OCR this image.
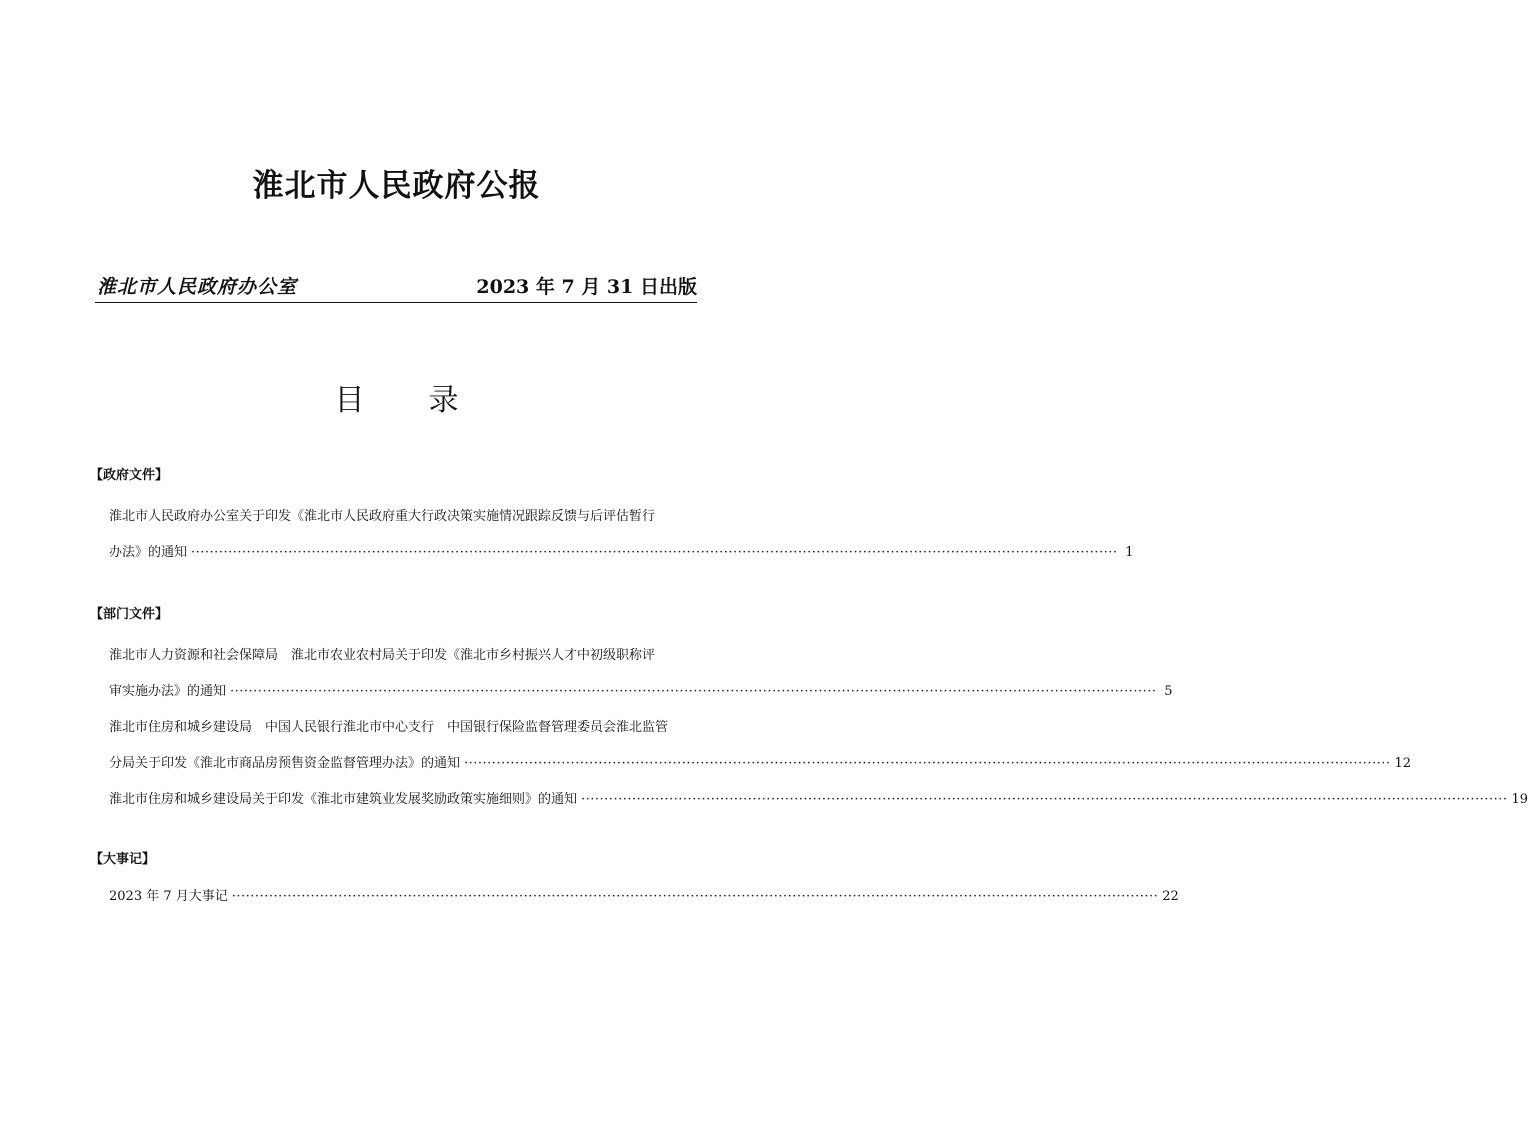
淮北市人民政府公报
淮北市人民政府办公室	2023 年 7 月 31 日出版
目 录
【政府文件】
淮北市人民政府办公室关于印发《淮北市人民政府重大行政决策实施情况跟踪反馈与后评估暂行
办法》的通知 ········································································································································································································ 1
【部门文件】
淮北市人力资源和社会保障局　淮北市农业农村局关于印发《淮北市乡村振兴人才中初级职称评
审实施办法》的通知 ········································································································································································································ 5
淮北市住房和城乡建设局　中国人民银行淮北市中心支行　中国银行保险监督管理委员会淮北监管
分局关于印发《淮北市商品房预售资金监督管理办法》的通知 ········································································································································································································ 12
淮北市住房和城乡建设局关于印发《淮北市建筑业发展奖励政策实施细则》的通知 ········································································································································································································ 19
【大事记】
2023 年 7 月大事记 ········································································································································································································ 22
